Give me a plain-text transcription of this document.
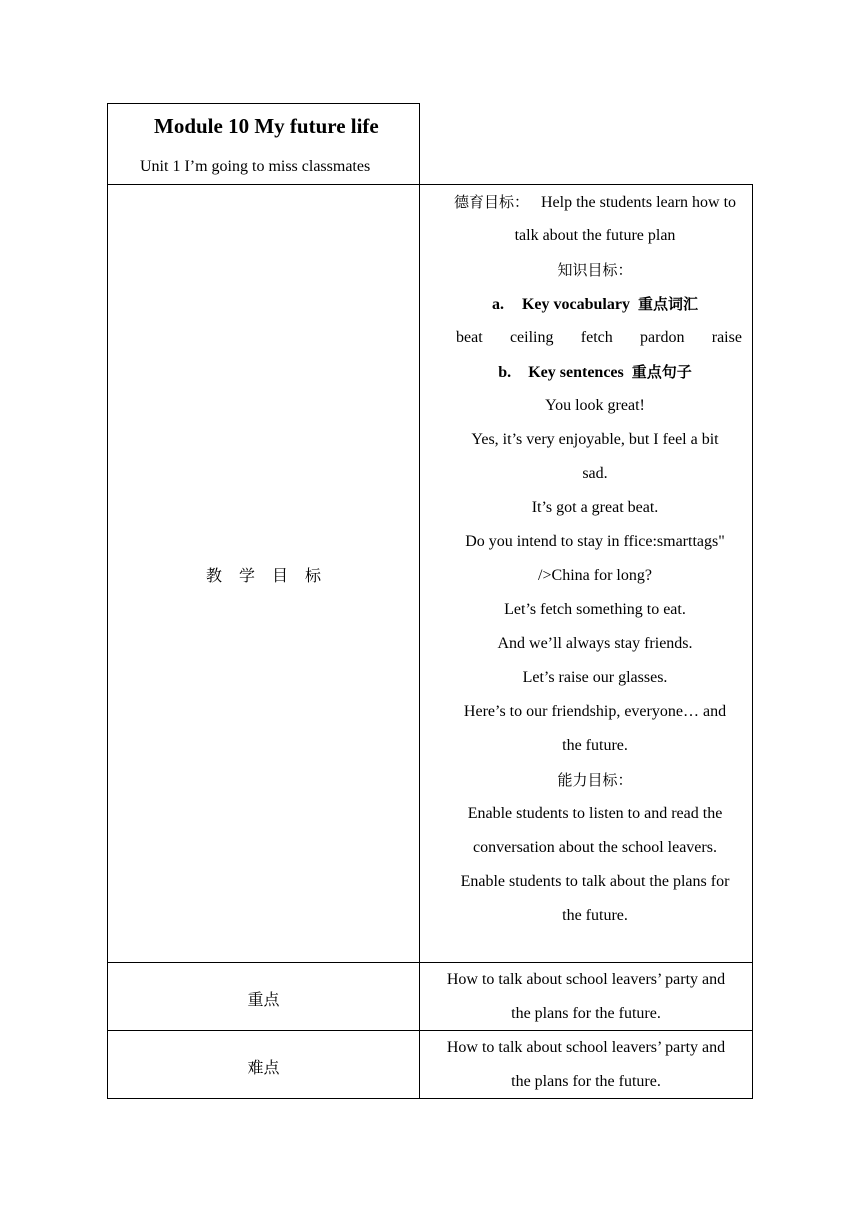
Module 10 My future life
Unit 1 I’m going to miss classmates
教学目标
德育目标： Help the students learn how to
talk about the future plan
知识目标：
a. Key vocabulary 重点词汇
beat ceiling fetch pardon raise
b. Key sentences 重点句子
You look great!
Yes, it’s very enjoyable, but I feel a bit
sad.
It’s got a great beat.
Do you intend to stay in ffice:smarttags"
/>China for long?
Let’s fetch something to eat.
And we’ll always stay friends.
Let’s raise our glasses.
Here’s to our friendship, everyone… and
the future.
能力目标：
Enable students to listen to and read the
conversation about the school leavers.
Enable students to talk about the plans for
the future.
重点
How to talk about school leavers’ party and
the plans for the future.
难点
How to talk about school leavers’ party and
the plans for the future.
